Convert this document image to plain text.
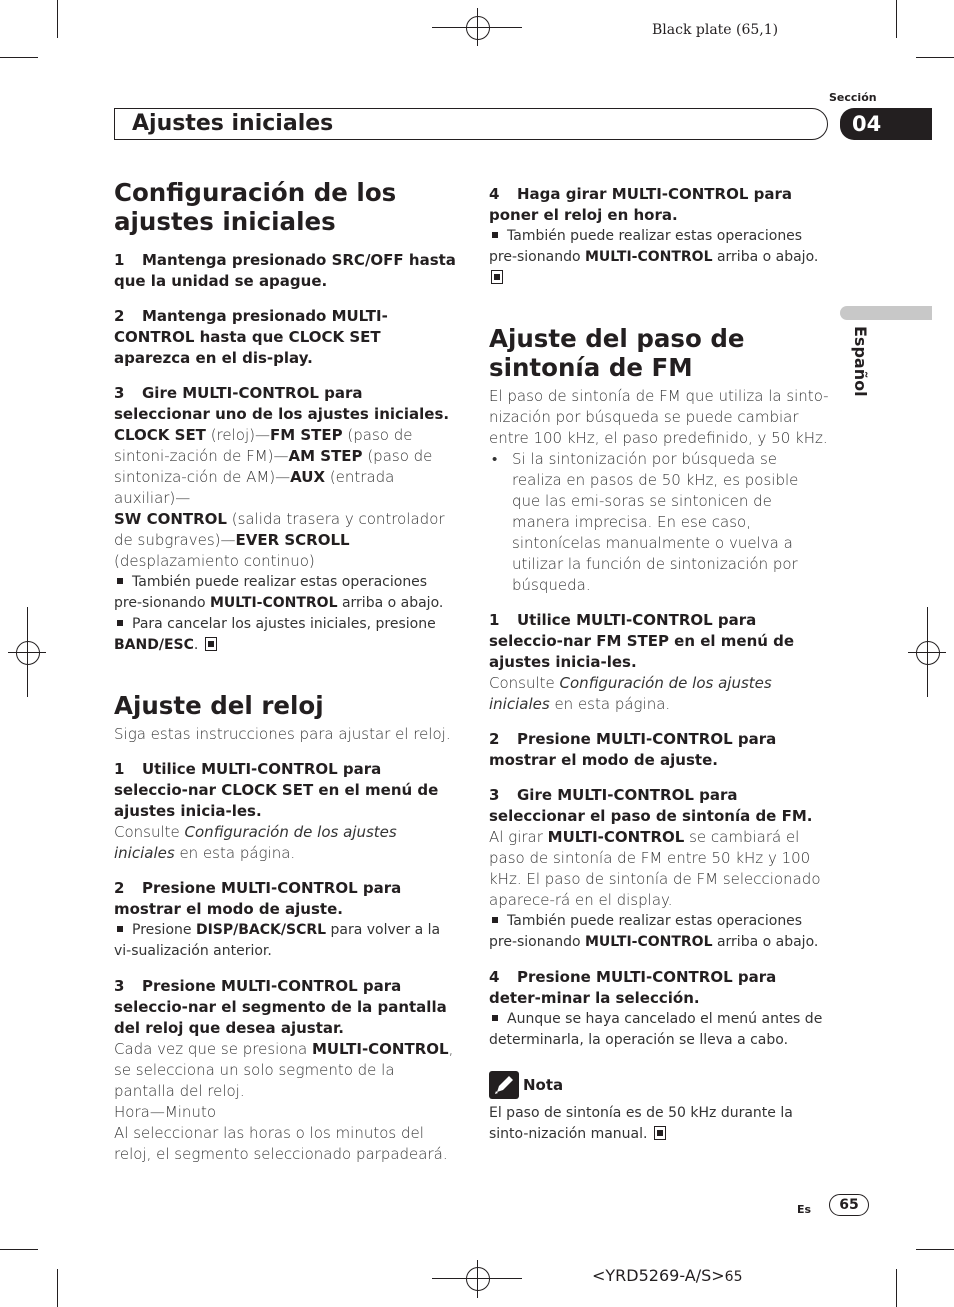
Black plate (65,1)
Sección
Ajustes iniciales	04
Español
Configuración de los ajustes iniciales

1 Mantenga presionado SRC/OFF hasta que la unidad se apague.

2 Mantenga presionado MULTI-CONTROL hasta que CLOCK SET aparezca en el dis-play.

3 Gire MULTI-CONTROL para seleccionar uno de los ajustes iniciales.

CLOCK SET (reloj)—FM STEP (paso de sintoni-zación de FM)—AM STEP (paso de sintoniza-ción de AM)—AUX (entrada auxiliar)—
SW CONTROL (salida trasera y controlador de subgraves)—EVER SCROLL (desplazamiento continuo)

También puede realizar estas operaciones pre-sionando MULTI-CONTROL arriba o abajo.

Para cancelar los ajustes iniciales, presione BAND/ESC.

Ajuste del reloj

Siga estas instrucciones para ajustar el reloj.

1 Utilice MULTI-CONTROL para seleccio-nar CLOCK SET en el menú de ajustes inicia-les.

Consulte Configuración de los ajustes iniciales en esta página.

2 Presione MULTI-CONTROL para mostrar el modo de ajuste.

Presione DISP/BACK/SCRL para volver a la vi-sualización anterior.

3 Presione MULTI-CONTROL para seleccio-nar el segmento de la pantalla del reloj que desea ajustar.

Cada vez que se presiona MULTI-CONTROL, se selecciona un solo segmento de la pantalla del reloj.

Hora—Minuto

Al seleccionar las horas o los minutos del reloj, el segmento seleccionado parpadeará.

4 Haga girar MULTI-CONTROL para poner el reloj en hora.

También puede realizar estas operaciones pre-sionando MULTI-CONTROL arriba o abajo.

Ajuste del paso de sintonía de FM

El paso de sintonía de FM que utiliza la sinto-nización por búsqueda se puede cambiar entre 100 kHz, el paso predefinido, y 50 kHz.

• Si la sintonización por búsqueda se realiza en pasos de 50 kHz, es posible que las emi-soras se sintonicen de manera imprecisa. En ese caso, sintonícelas manualmente o vuelva a utilizar la función de sintonización por búsqueda.

1 Utilice MULTI-CONTROL para seleccio-nar FM STEP en el menú de ajustes inicia-les.

Consulte Configuración de los ajustes iniciales en esta página.

2 Presione MULTI-CONTROL para mostrar el modo de ajuste.

3 Gire MULTI-CONTROL para seleccionar el paso de sintonía de FM.

Al girar MULTI-CONTROL se cambiará el paso de sintonía de FM entre 50 kHz y 100 kHz. El paso de sintonía de FM seleccionado aparece-rá en el display.

También puede realizar estas operaciones pre-sionando MULTI-CONTROL arriba o abajo.

4 Presione MULTI-CONTROL para deter-minar la selección.

Aunque se haya cancelado el menú antes de determinarla, la operación se lleva a cabo.

Nota

El paso de sintonía es de 50 kHz durante la sinto-nización manual.

Es	65
<YRD5269-A/S>65
